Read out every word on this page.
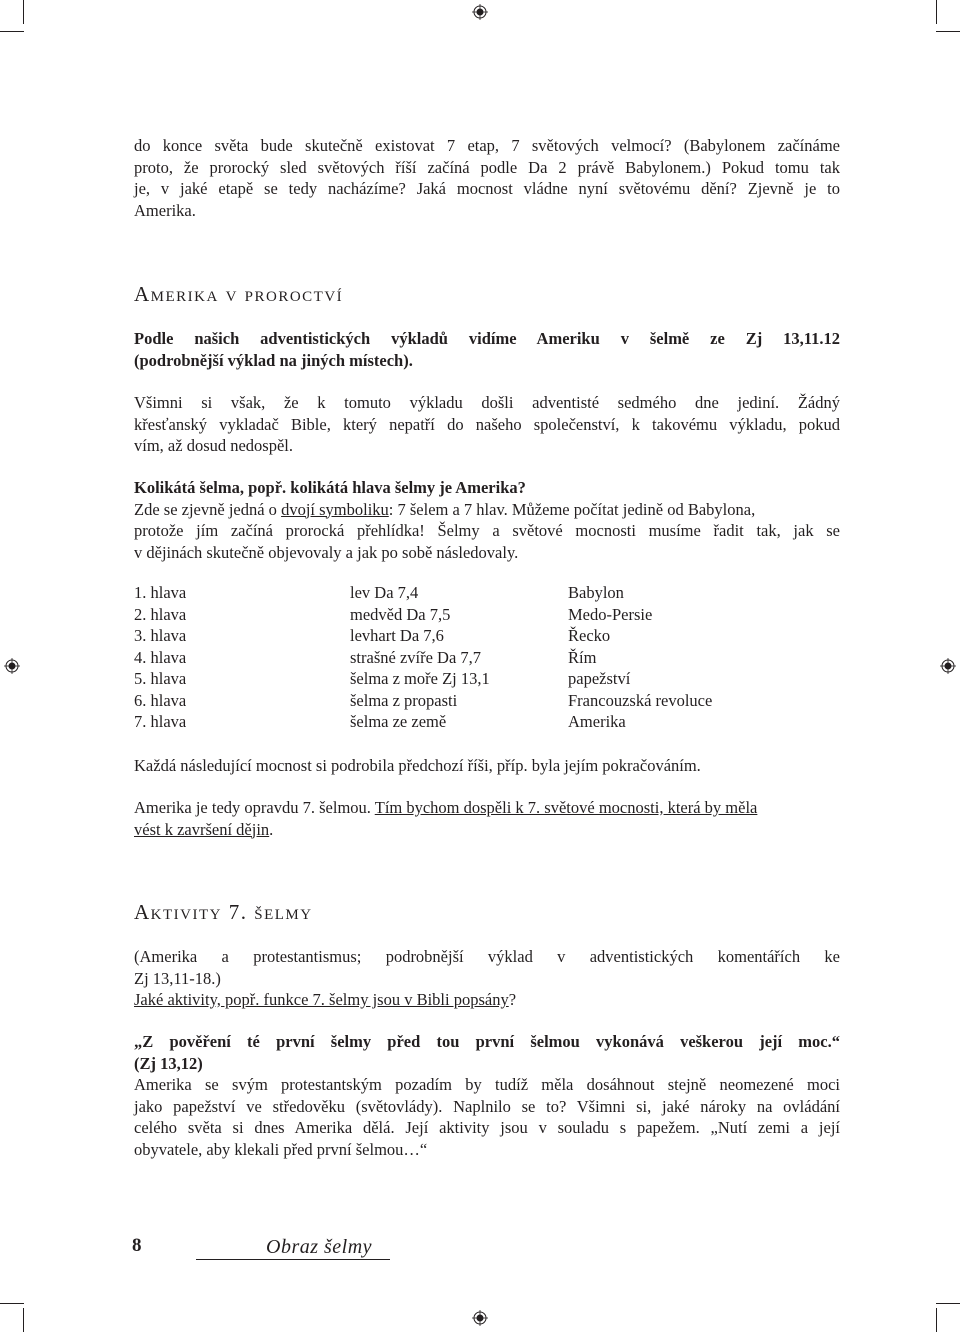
do konce světa bude skutečně existovat 7 etap, 7 světových velmocí? (Babylonem začínáme
proto, že prorocký sled světových říší začíná podle Da 2 právě Babylonem.) Pokud tomu tak
je, v jaké etapě se tedy nacházíme? Jaká mocnost vládne nyní světovému dění? Zjevně je to
Amerika.
Amerika v proroctví
Podle našich adventistických výkladů vidíme Ameriku v šelmě ze Zj 13,11.12
(podrobnější výklad na jiných místech).
Všimni si však, že k tomuto výkladu došli adventisté sedmého dne jediní. Žádný
křesťanský vykladač Bible, který nepatří do našeho společenství, k takovému výkladu, pokud
vím, až dosud nedospěl.
Kolikátá šelma, popř. kolikátá hlava šelmy je Amerika?
Zde se zjevně jedná o dvojí symboliku: 7 šelem a 7 hlav. Můžeme počítat jedině od Babylona,
protože jím začíná prorocká přehlídka! Šelmy a světové mocnosti musíme řadit tak, jak se
v dějinách skutečně objevovaly a jak po sobě následovaly.
1. hlava	lev Da 7,4	Babylon
2. hlava	medvěd Da 7,5	Medo-Persie
3. hlava	levhart Da 7,6	Řecko
4. hlava	strašné zvíře Da 7,7	Řím
5. hlava	šelma z moře Zj 13,1	papežství
6. hlava	šelma z propasti	Francouzská revoluce
7. hlava	šelma ze země	Amerika
Každá následující mocnost si podrobila předchozí říši, příp. byla jejím pokračováním.
Amerika je tedy opravdu 7. šelmou. Tím bychom dospěli k 7. světové mocnosti, která by měla
vést k završení dějin.
Aktivity 7. šelmy
(Amerika a protestantismus; podrobnější výklad v adventistických komentářích ke
Zj 13,11-18.)
Jaké aktivity, popř. funkce 7. šelmy jsou v Bibli popsány?
„Z pověření té první šelmy před tou první šelmou vykonává veškerou její moc.“
(Zj 13,12)
Amerika se svým protestantským pozadím by tudíž měla dosáhnout stejně neomezené moci
jako papežství ve středověku (světovlády). Naplnilo se to? Všimni si, jaké nároky na ovládání
celého světa si dnes Amerika dělá. Její aktivity jsou v souladu s papežem. „Nutí zemi a její
obyvatele, aby klekali před první šelmou…“
8	Obraz šelmy
